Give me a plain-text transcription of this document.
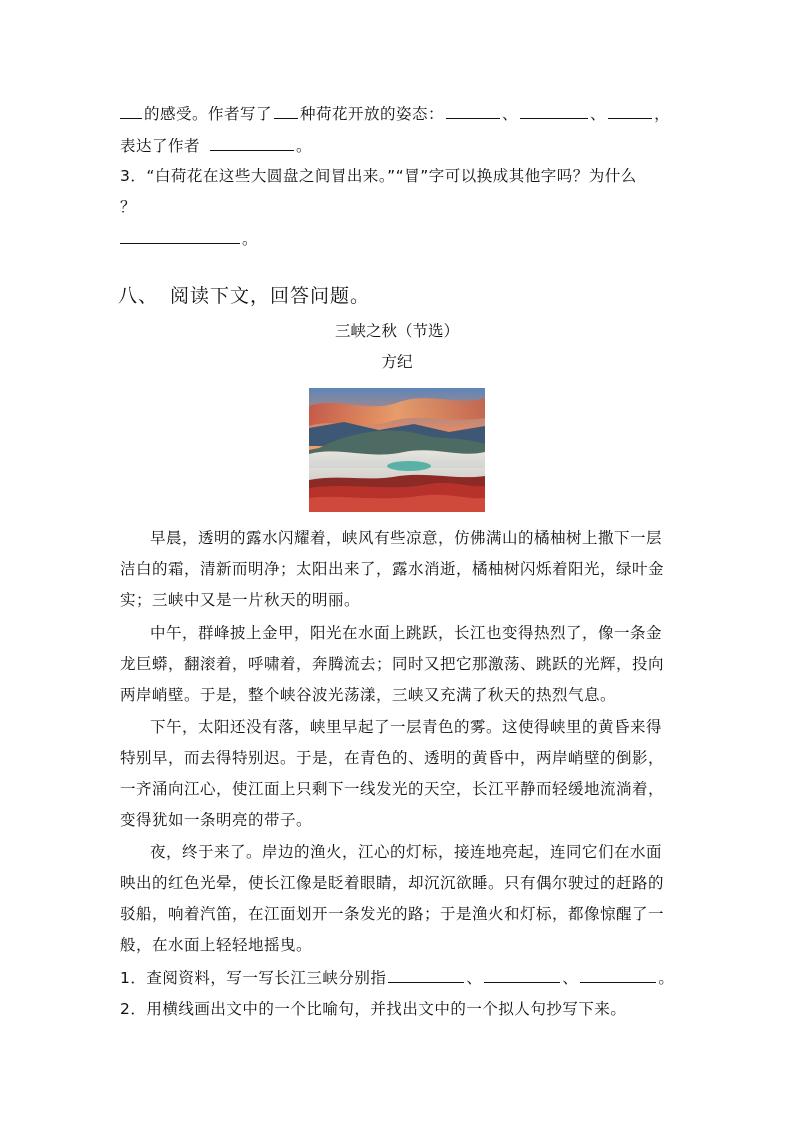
的感受。作者写了 种荷花开放的姿态：	、	、	，
表达了作者	。
3．“白荷花在这些大圆盘之间冒出来。”“冒”字可以换成其他字吗？为什么
？
。
八、 阅读下文，回答问题。
三峡之秋（节选）
方纪
早晨，透明的露水闪耀着，峡风有些凉意，仿佛满山的橘柚树上撒下一层
洁白的霜，清新而明净；太阳出来了，露水消逝，橘柚树闪烁着阳光，绿叶金
实；三峡中又是一片秋天的明丽。
中午，群峰披上金甲，阳光在水面上跳跃，长江也变得热烈了，像一条金
龙巨蟒，翻滚着，呼啸着，奔腾流去；同时又把它那激荡、跳跃的光辉，投向
两岸峭壁。于是，整个峡谷波光荡漾，三峡又充满了秋天的热烈气息。
下午，太阳还没有落，峡里早起了一层青色的雾。这使得峡里的黄昏来得
特别早，而去得特别迟。于是，在青色的、透明的黄昏中，两岸峭壁的倒影，
一齐涌向江心，使江面上只剩下一线发光的天空，长江平静而轻缓地流淌着，
变得犹如一条明亮的带子。
夜，终于来了。岸边的渔火，江心的灯标，接连地亮起，连同它们在水面
映出的红色光晕，使长江像是眨着眼睛，却沉沉欲睡。只有偶尔驶过的赶路的
驳船，响着汽笛，在江面划开一条发光的路；于是渔火和灯标，都像惊醒了一
般，在水面上轻轻地摇曳。
1．查阅资料，写一写长江三峡分别指	、	、	。
2．用横线画出文中的一个比喻句，并找出文中的一个拟人句抄写下来。
